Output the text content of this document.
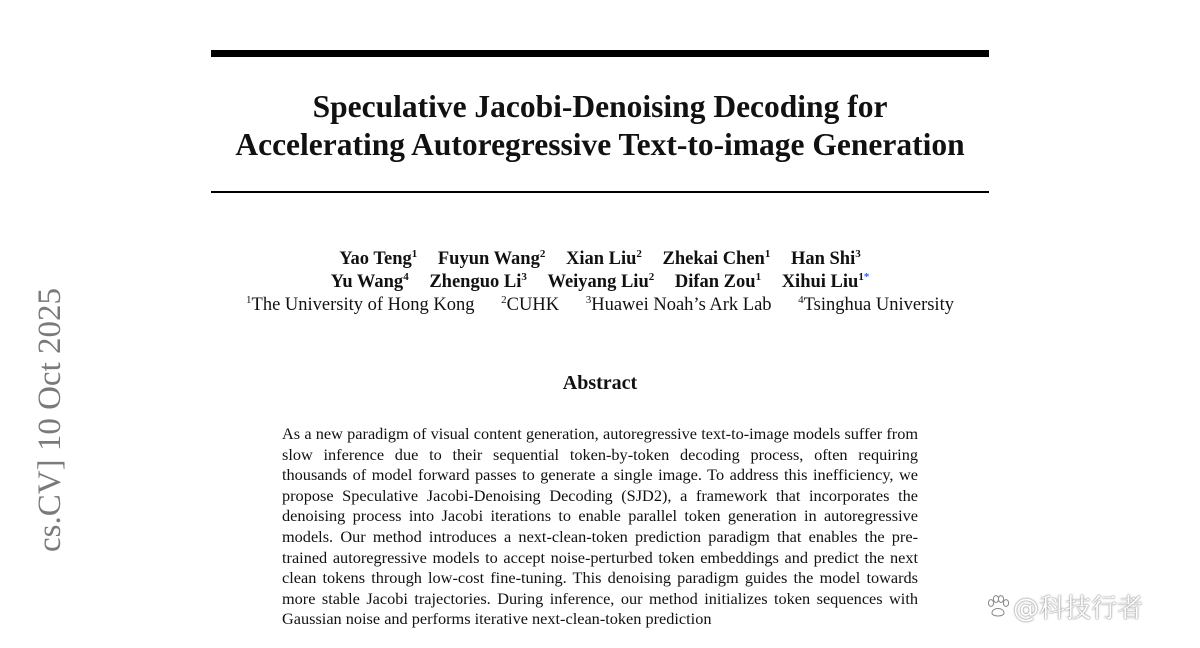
Speculative Jacobi-Denoising Decoding for
Accelerating Autoregressive Text-to-image Generation
Yao Teng$^1$ Fuyun Wang$^2$ Xian Liu$^2$ Zhekai Chen$^1$ Han Shi$^3$
Yu Wang$^4$ Zhenguo Li$^3$ Weiyang Liu$^2$ Difan Zou$^1$ Xihui Liu$^{1*}$
$^1$The University of Hong Kong $^2$CUHK $^3$Huawei Noah’s Ark Lab $^4$Tsinghua University
Abstract
As a new paradigm of visual content generation, autoregressive text-to-image models suffer from slow inference due to their sequential token-by-token decoding process, often requiring thousands of model forward passes to generate a single image. To address this inefficiency, we propose Speculative Jacobi-Denoising Decoding (SJD2), a framework that incorporates the denoising process into Jacobi iterations to enable parallel token generation in autoregressive models. Our method introduces a next-clean-token prediction paradigm that enables the pre-trained autoregressive models to accept noise-perturbed token embeddings and predict the next clean tokens through low-cost fine-tuning. This denoising paradigm guides the model towards more stable Jacobi trajectories. During inference, our method initializes token sequences with Gaussian noise and performs iterative next-clean-token prediction
cs.CV] 10 Oct 2025
@科技行者
